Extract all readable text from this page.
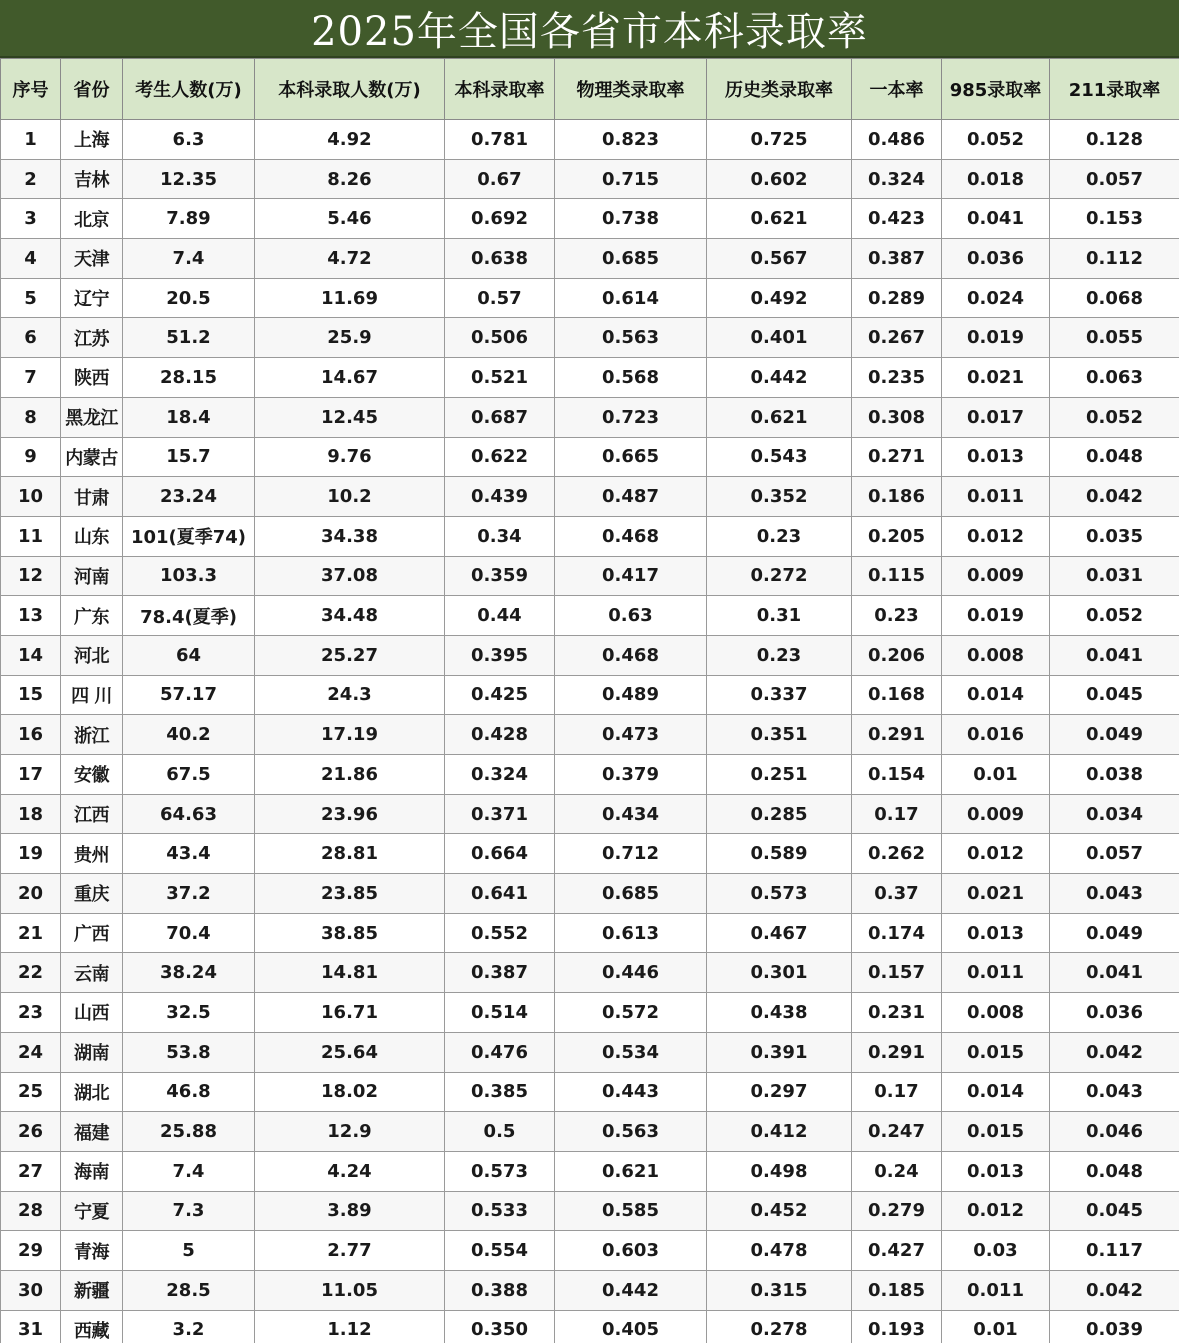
2025年全国各省市本科录取率
序号	省份	考生人数(万)	本科录取人数(万)	本科录取率	物理类录取率	历史类录取率	一本率	985录取率	211录取率
1	上海	6.3	4.92	0.781	0.823	0.725	0.486	0.052	0.128
2	吉林	12.35	8.26	0.67	0.715	0.602	0.324	0.018	0.057
3	北京	7.89	5.46	0.692	0.738	0.621	0.423	0.041	0.153
4	天津	7.4	4.72	0.638	0.685	0.567	0.387	0.036	0.112
5	辽宁	20.5	11.69	0.57	0.614	0.492	0.289	0.024	0.068
6	江苏	51.2	25.9	0.506	0.563	0.401	0.267	0.019	0.055
7	陕西	28.15	14.67	0.521	0.568	0.442	0.235	0.021	0.063
8	黑龙江	18.4	12.45	0.687	0.723	0.621	0.308	0.017	0.052
9	内蒙古	15.7	9.76	0.622	0.665	0.543	0.271	0.013	0.048
10	甘肃	23.24	10.2	0.439	0.487	0.352	0.186	0.011	0.042
11	山东	101(夏季74)	34.38	0.34	0.468	0.23	0.205	0.012	0.035
12	河南	103.3	37.08	0.359	0.417	0.272	0.115	0.009	0.031
13	广东	78.4(夏季)	34.48	0.44	0.63	0.31	0.23	0.019	0.052
14	河北	64	25.27	0.395	0.468	0.23	0.206	0.008	0.041
15	四 川	57.17	24.3	0.425	0.489	0.337	0.168	0.014	0.045
16	浙江	40.2	17.19	0.428	0.473	0.351	0.291	0.016	0.049
17	安徽	67.5	21.86	0.324	0.379	0.251	0.154	0.01	0.038
18	江西	64.63	23.96	0.371	0.434	0.285	0.17	0.009	0.034
19	贵州	43.4	28.81	0.664	0.712	0.589	0.262	0.012	0.057
20	重庆	37.2	23.85	0.641	0.685	0.573	0.37	0.021	0.043
21	广西	70.4	38.85	0.552	0.613	0.467	0.174	0.013	0.049
22	云南	38.24	14.81	0.387	0.446	0.301	0.157	0.011	0.041
23	山西	32.5	16.71	0.514	0.572	0.438	0.231	0.008	0.036
24	湖南	53.8	25.64	0.476	0.534	0.391	0.291	0.015	0.042
25	湖北	46.8	18.02	0.385	0.443	0.297	0.17	0.014	0.043
26	福建	25.88	12.9	0.5	0.563	0.412	0.247	0.015	0.046
27	海南	7.4	4.24	0.573	0.621	0.498	0.24	0.013	0.048
28	宁夏	7.3	3.89	0.533	0.585	0.452	0.279	0.012	0.045
29	青海	5	2.77	0.554	0.603	0.478	0.427	0.03	0.117
30	新疆	28.5	11.05	0.388	0.442	0.315	0.185	0.011	0.042
31	西藏	3.2	1.12	0.350	0.405	0.278	0.193	0.01	0.039
